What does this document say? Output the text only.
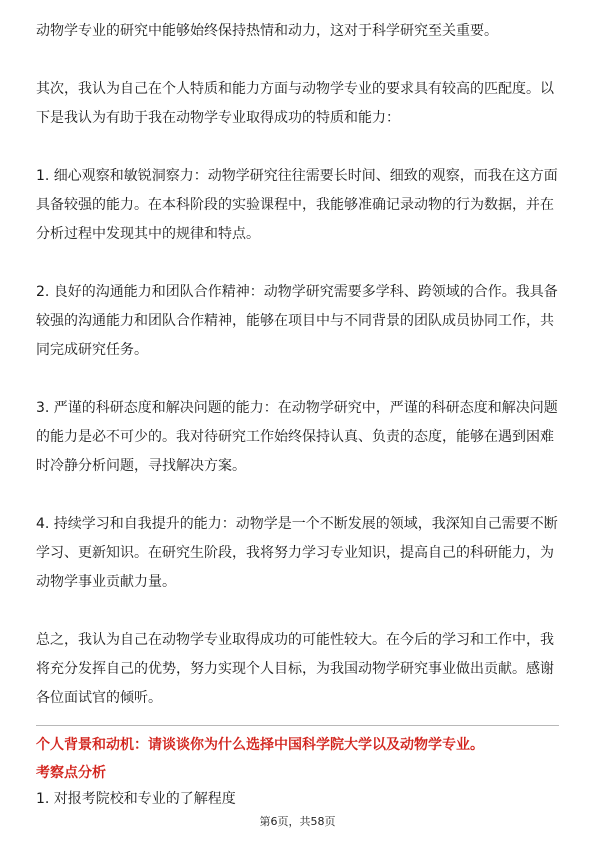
动物学专业的研究中能够始终保持热情和动力，这对于科学研究至关重要。

其次，我认为自己在个人特质和能力方面与动物学专业的要求具有较高的匹配度。以下是我认为有助于我在动物学专业取得成功的特质和能力：

1. 细心观察和敏锐洞察力：动物学研究往往需要长时间、细致的观察，而我在这方面具备较强的能力。在本科阶段的实验课程中，我能够准确记录动物的行为数据，并在分析过程中发现其中的规律和特点。

2. 良好的沟通能力和团队合作精神：动物学研究需要多学科、跨领域的合作。我具备较强的沟通能力和团队合作精神，能够在项目中与不同背景的团队成员协同工作，共同完成研究任务。

3. 严谨的科研态度和解决问题的能力：在动物学研究中，严谨的科研态度和解决问题的能力是必不可少的。我对待研究工作始终保持认真、负责的态度，能够在遇到困难时冷静分析问题，寻找解决方案。

4. 持续学习和自我提升的能力：动物学是一个不断发展的领域，我深知自己需要不断学习、更新知识。在研究生阶段，我将努力学习专业知识，提高自己的科研能力，为动物学事业贡献力量。

总之，我认为自己在动物学专业取得成功的可能性较大。在今后的学习和工作中，我将充分发挥自己的优势，努力实现个人目标，为我国动物学研究事业做出贡献。感谢各位面试官的倾听。

个人背景和动机：请谈谈你为什么选择中国科学院大学以及动物学专业。

考察点分析

1. 对报考院校和专业的了解程度

第6页，共58页
